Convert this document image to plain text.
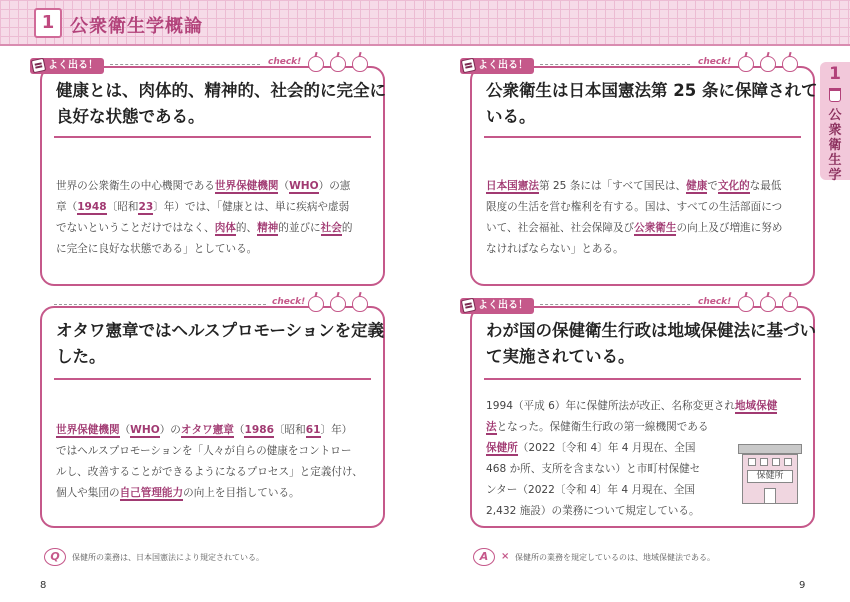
1 公衆衛生学概論
健康とは、肉体的、精神的、社会的に完全に
良好な状態である。
世界の公衆衛生の中心機関である世界保健機関（WHO）の憲
章（1948〔昭和23〕年）では、「健康とは、単に疾病や虚弱
でないということだけではなく、肉体的、精神的並びに社会的
に完全に良好な状態である」としている。
よく出る！	check!
オタワ憲章ではヘルスプロモーションを定義
した。
世界保健機関（WHO）のオタワ憲章（1986〔昭和61〕年）
ではヘルスプロモーションを「人々が自らの健康をコントロー
ルし、改善することができるようになるプロセス」と定義付け、
個人や集団の自己管理能力の向上を目指している。
check!
Q	保健所の業務は、日本国憲法により規定されている。
8
公衆衛生は日本国憲法第 25 条に保障されて
いる。
日本国憲法第 25 条には「すべて国民は、健康で文化的な最低
限度の生活を営む権利を有する。国は、すべての生活部面につ
いて、社会福祉、社会保障及び公衆衛生の向上及び増進に努め
なければならない」とある。
よく出る！	check!
わが国の保健衛生行政は地域保健法に基づい
て実施されている。
1994（平成 6）年に保健所法が改正、名称変更され地域保健
法となった。保健衛生行政の第一線機関である
保健所（2022〔令和 4〕年 4 月現在、全国
468 か所、支所を含まない）と市町村保健セ
ンター（2022〔令和 4〕年 4 月現在、全国
2,432 施設）の業務について規定している。
保健所
よく出る！	check!
1
公
衆
衛
生
学
A	× 保健所の業務を規定しているのは、地域保健法である。
9
